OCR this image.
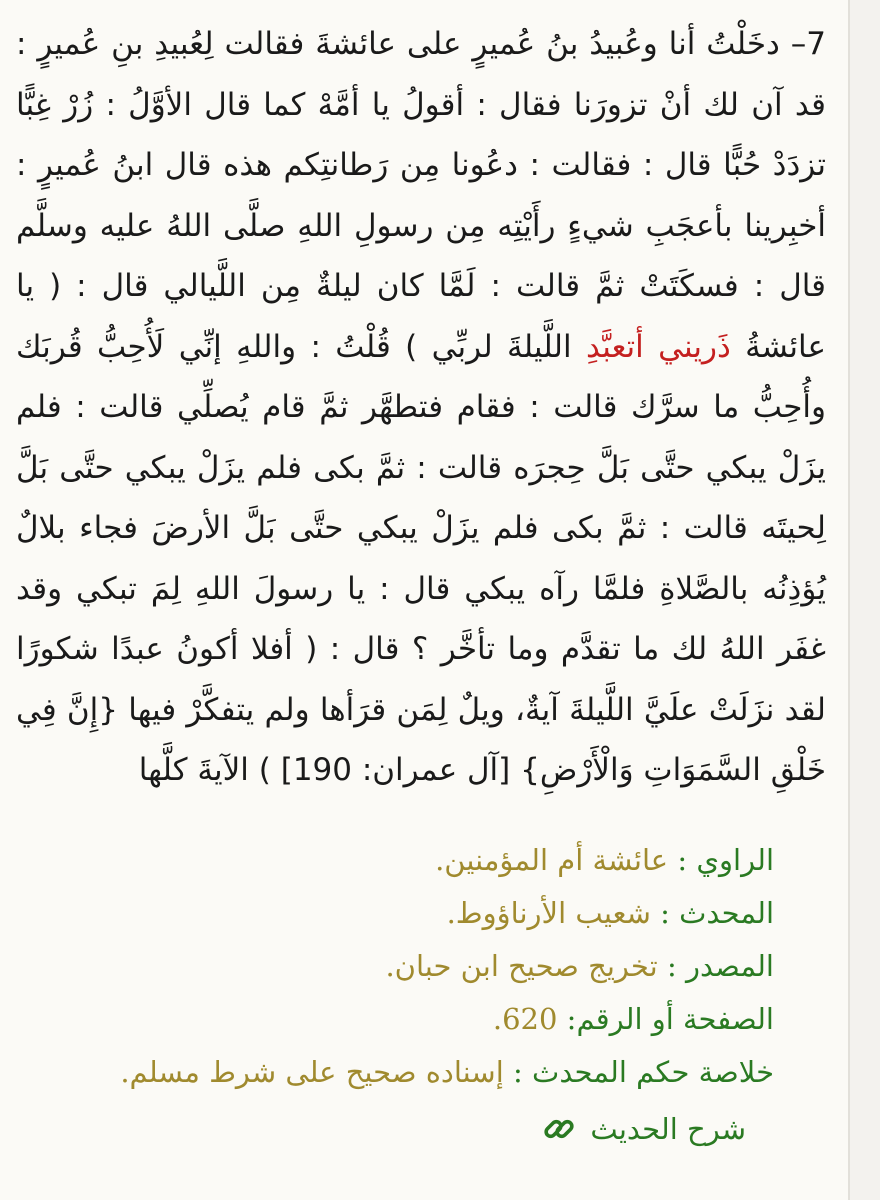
7– دخَلْتُ أنا وعُبيدُ بنُ عُميرٍ على عائشةَ فقالت لِعُبيدِ بنِ عُميرٍ : قد آن لك أنْ تزورَنا فقال : أقولُ يا أمَّهْ كما قال الأوَّلُ : زُرْ غِبًّا تزدَدْ حُبًّا قال : فقالت : دعُونا مِن رَطانتِكم هذه قال ابنُ عُميرٍ : أخبِرينا بأعجَبِ شيءٍ رأَيْتِه مِن رسولِ اللهِ صلَّى اللهُ عليه وسلَّم قال : فسكَتَتْ ثمَّ قالت : لَمَّا كان ليلةٌ مِن اللَّيالي قال : ( يا عائشةُ ذَريني أتعبَّدِ اللَّيلةَ لربِّي ) قُلْتُ : واللهِ إنِّي لَأُحِبُّ قُربَك وأُحِبُّ ما سرَّك قالت : فقام فتطهَّر ثمَّ قام يُصلِّي قالت : فلم يزَلْ يبكي حتَّى بَلَّ حِجرَه قالت : ثمَّ بكى فلم يزَلْ يبكي حتَّى بَلَّ لِحيتَه قالت : ثمَّ بكى فلم يزَلْ يبكي حتَّى بَلَّ الأرضَ فجاء بلالٌ يُؤذِنُه بالصَّلاةِ فلمَّا رآه يبكي قال : يا رسولَ اللهِ لِمَ تبكي وقد غفَر اللهُ لك ما تقدَّم وما تأخَّر ؟ قال : ( أفلا أكونُ عبدًا شكورًا لقد نزَلَتْ علَيَّ اللَّيلةَ آيةٌ، ويلٌ لِمَن قرَأها ولم يتفكَّرْ فيها {إِنَّ فِي خَلْقِ السَّمَوَاتِ وَالْأَرْضِ} [آل عمران: 190] ) الآيةَ كلَّها

الراوي : عائشة أم المؤمنين.
المحدث : شعيب الأرناؤوط.
المصدر : تخريج صحيح ابن حبان.
الصفحة أو الرقم: 620.
خلاصة حكم المحدث : إسناده صحيح على شرط مسلم.
شرح الحديث
